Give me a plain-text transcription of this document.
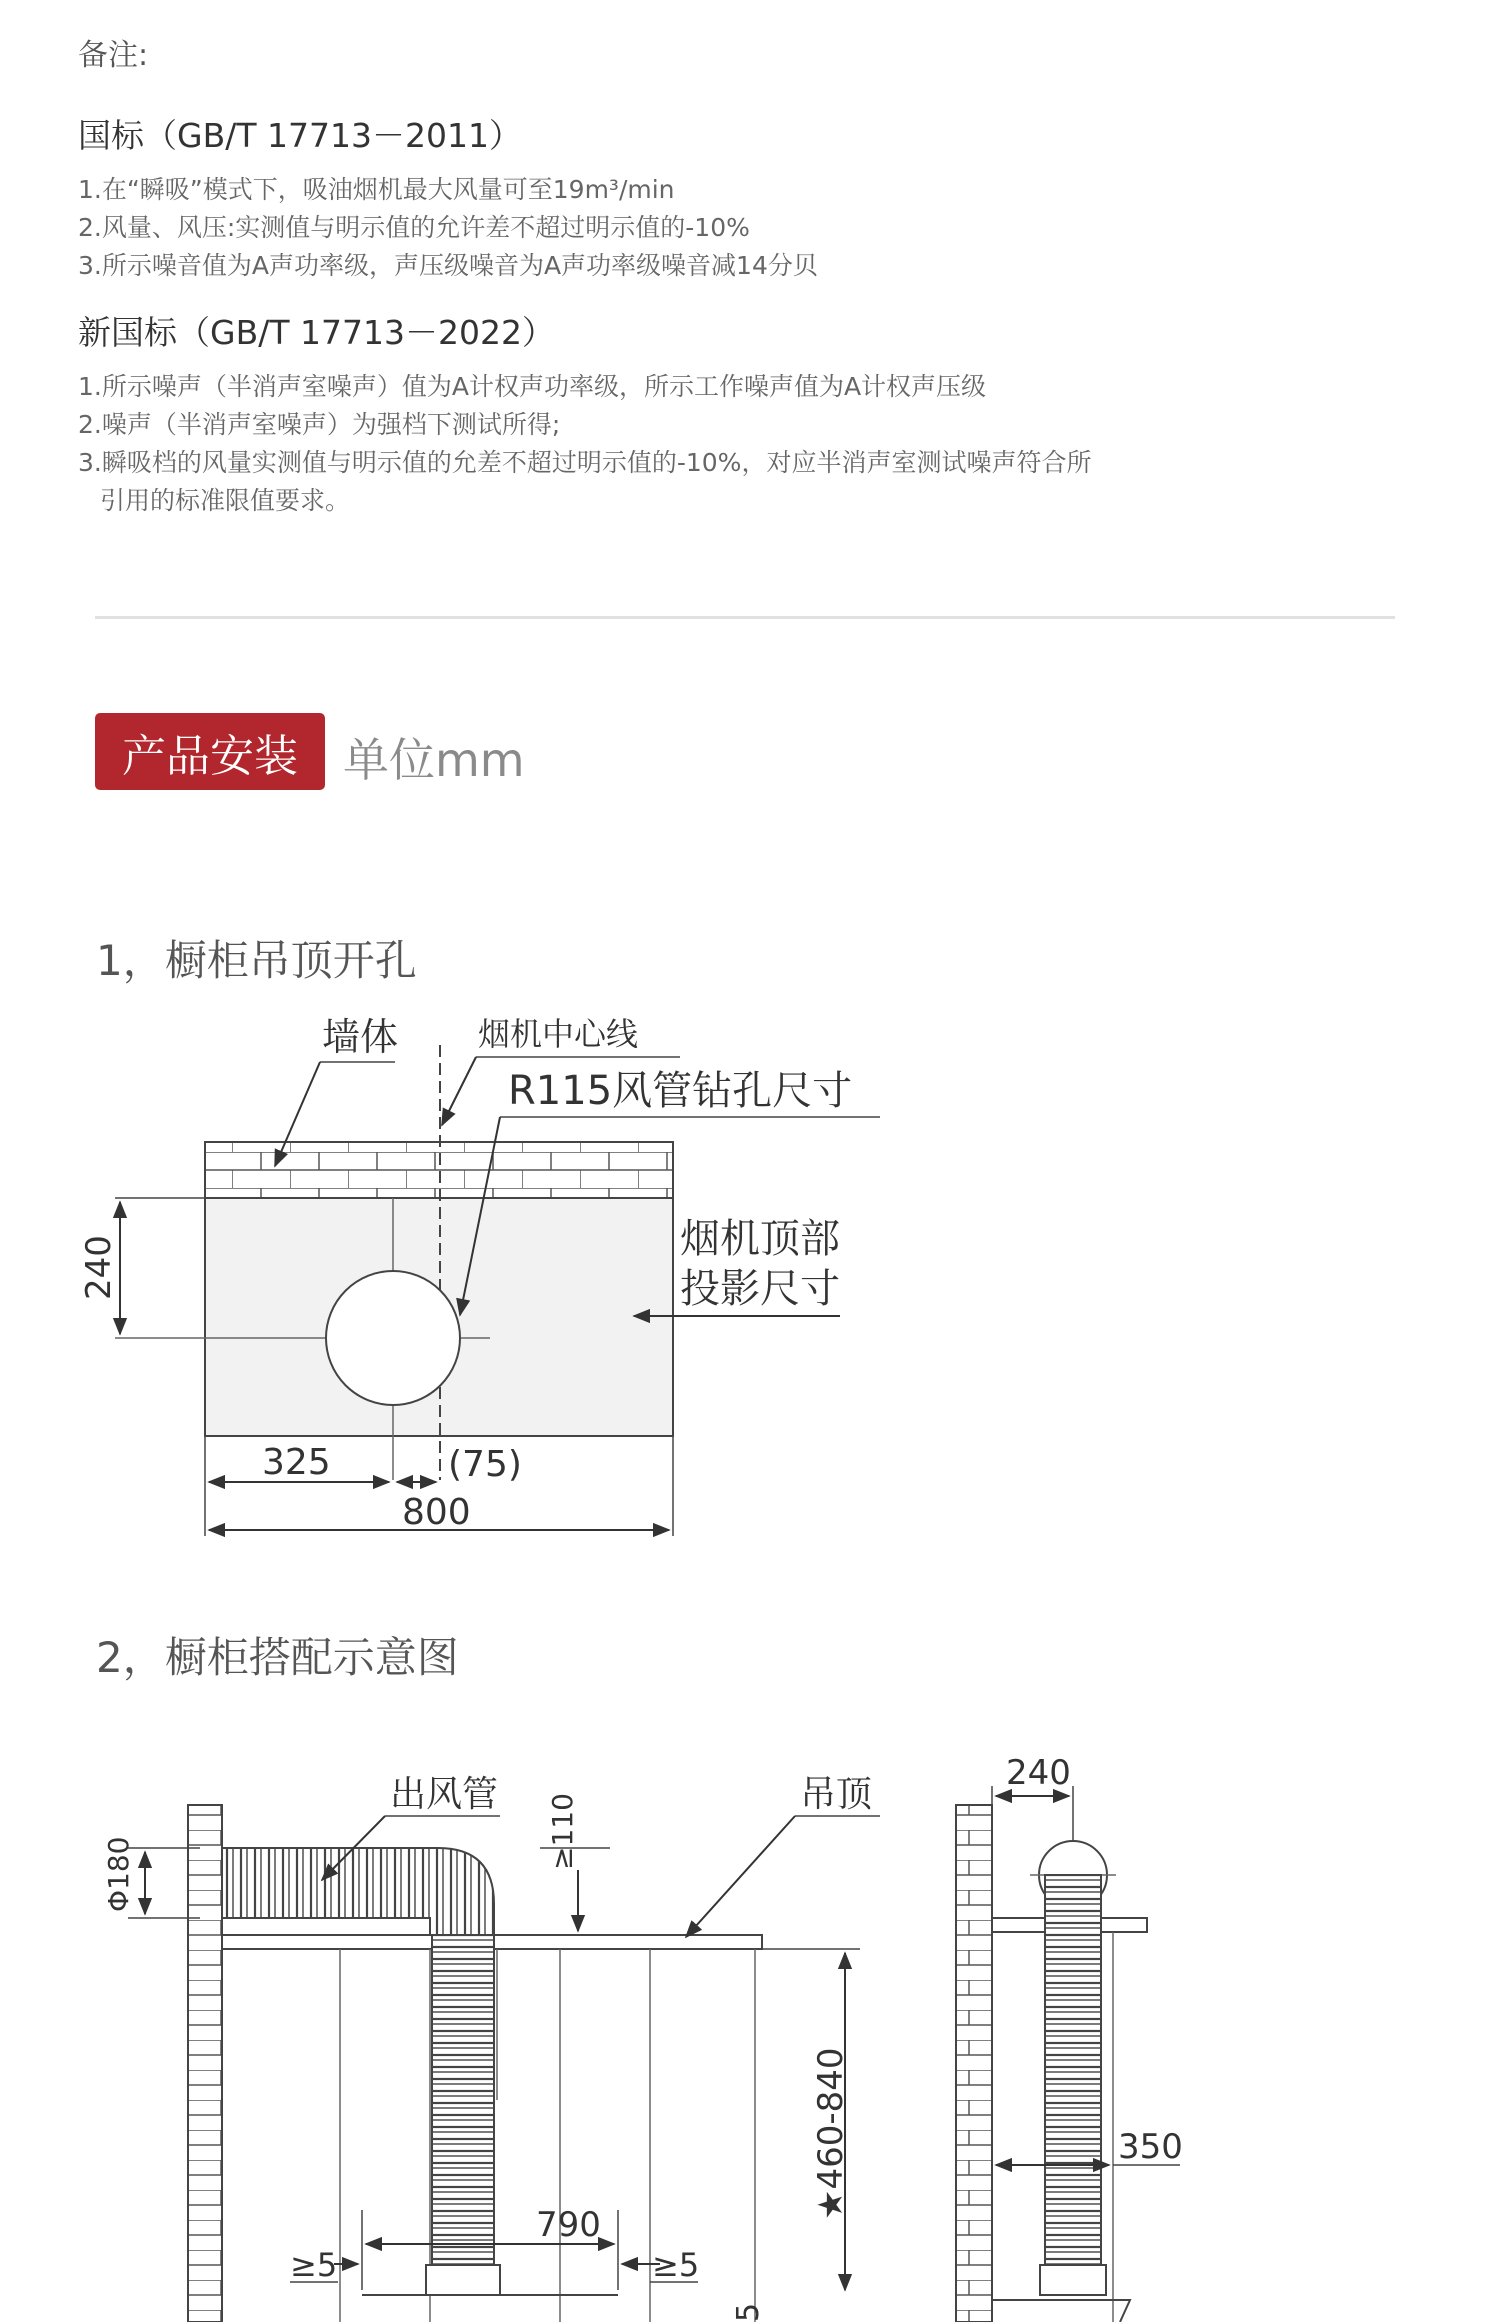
备注:
国标（GB/T 17713－2011）
1.在“瞬吸”模式下，吸油烟机最大风量可至19m³/min
2.风量、风压:实测值与明示值的允许差不超过明示值的-10%
3.所示噪音值为A声功率级，声压级噪音为A声功率级噪音减14分贝
新国标（GB/T 17713－2022）
1.所示噪声（半消声室噪声）值为A计权声功率级，所示工作噪声值为A计权声压级
2.噪声（半消声室噪声）为强档下测试所得;
3.瞬吸档的风量实测值与明示值的允差不超过明示值的-10%，对应半消声室测试噪声符合所
引用的标准限值要求。
产品安装 单位mm
1，橱柜吊顶开孔
2，橱柜搭配示意图
240
325	(75)
800
墙体 烟机中心线
R115风管钻孔尺寸
烟机顶部
投影尺寸
Φ180
≥110
★460-840
790
≥5	≥5
5
出风管	吊顶
240
350
